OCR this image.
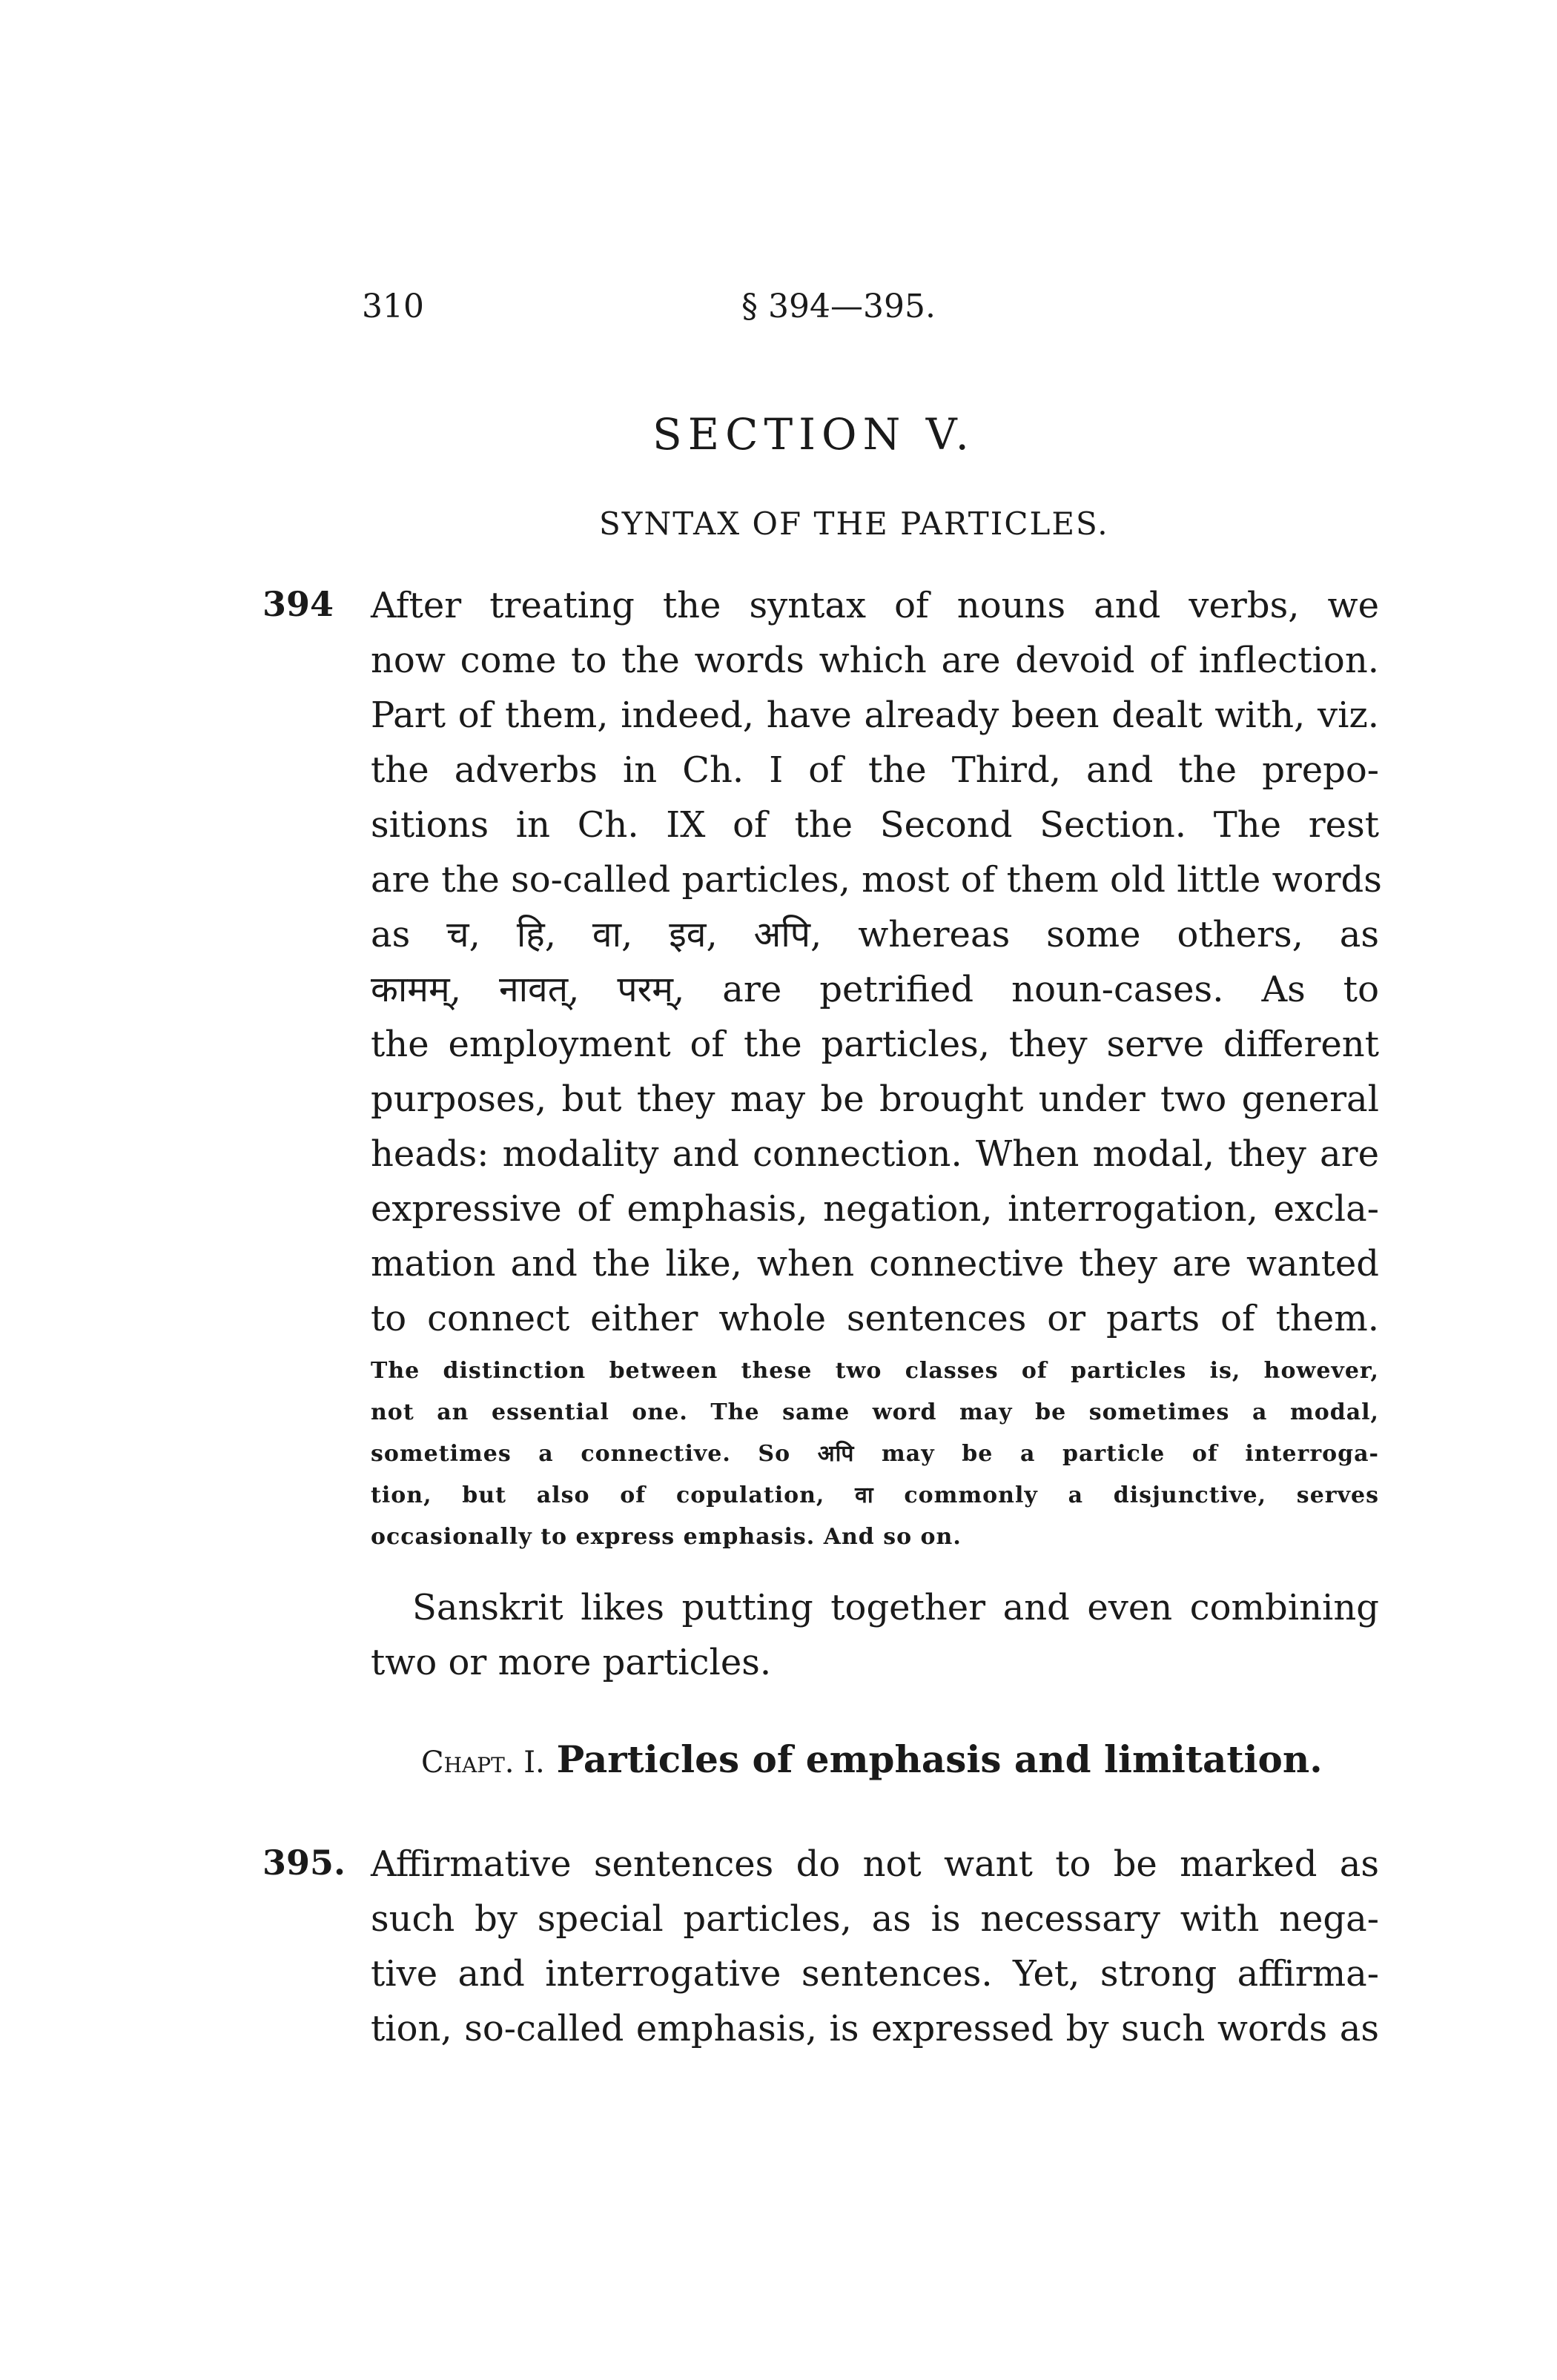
310	§ 394—395.
SECTION V.
SYNTAX OF THE PARTICLES.
394 After treating the syntax of nouns and verbs, we
now come to the words which are devoid of inflection.
Part of them, indeed, have already been dealt with, viz.
the adverbs in Ch. I of the Third, and the prepo-
sitions in Ch. IX of the Second Section. The rest
are the so-called particles, most of them old little words
as च, हि, वा, इव, अपि, whereas some others, as
कामम्, नावत्, परम्, are petrified noun-cases. As to
the employment of the particles, they serve different
purposes, but they may be brought under two general
heads: modality and connection. When modal, they are
expressive of emphasis, negation, interrogation, excla-
mation and the like, when connective they are wanted
to connect either whole sentences or parts of them.
The distinction between these two classes of particles is, however,
not an essential one. The same word may be sometimes a modal,
sometimes a connective. So अपि may be a particle of interroga-
tion, but also of copulation, वा commonly a disjunctive, serves
occasionally to express emphasis. And so on.
Sanskrit likes putting together and even combining
two or more particles.
Chapt. I. Particles of emphasis and limitation.
395. Affirmative sentences do not want to be marked as
such by special particles, as is necessary with nega-
tive and interrogative sentences. Yet, strong affirma-
tion, so-called emphasis, is expressed by such words as
